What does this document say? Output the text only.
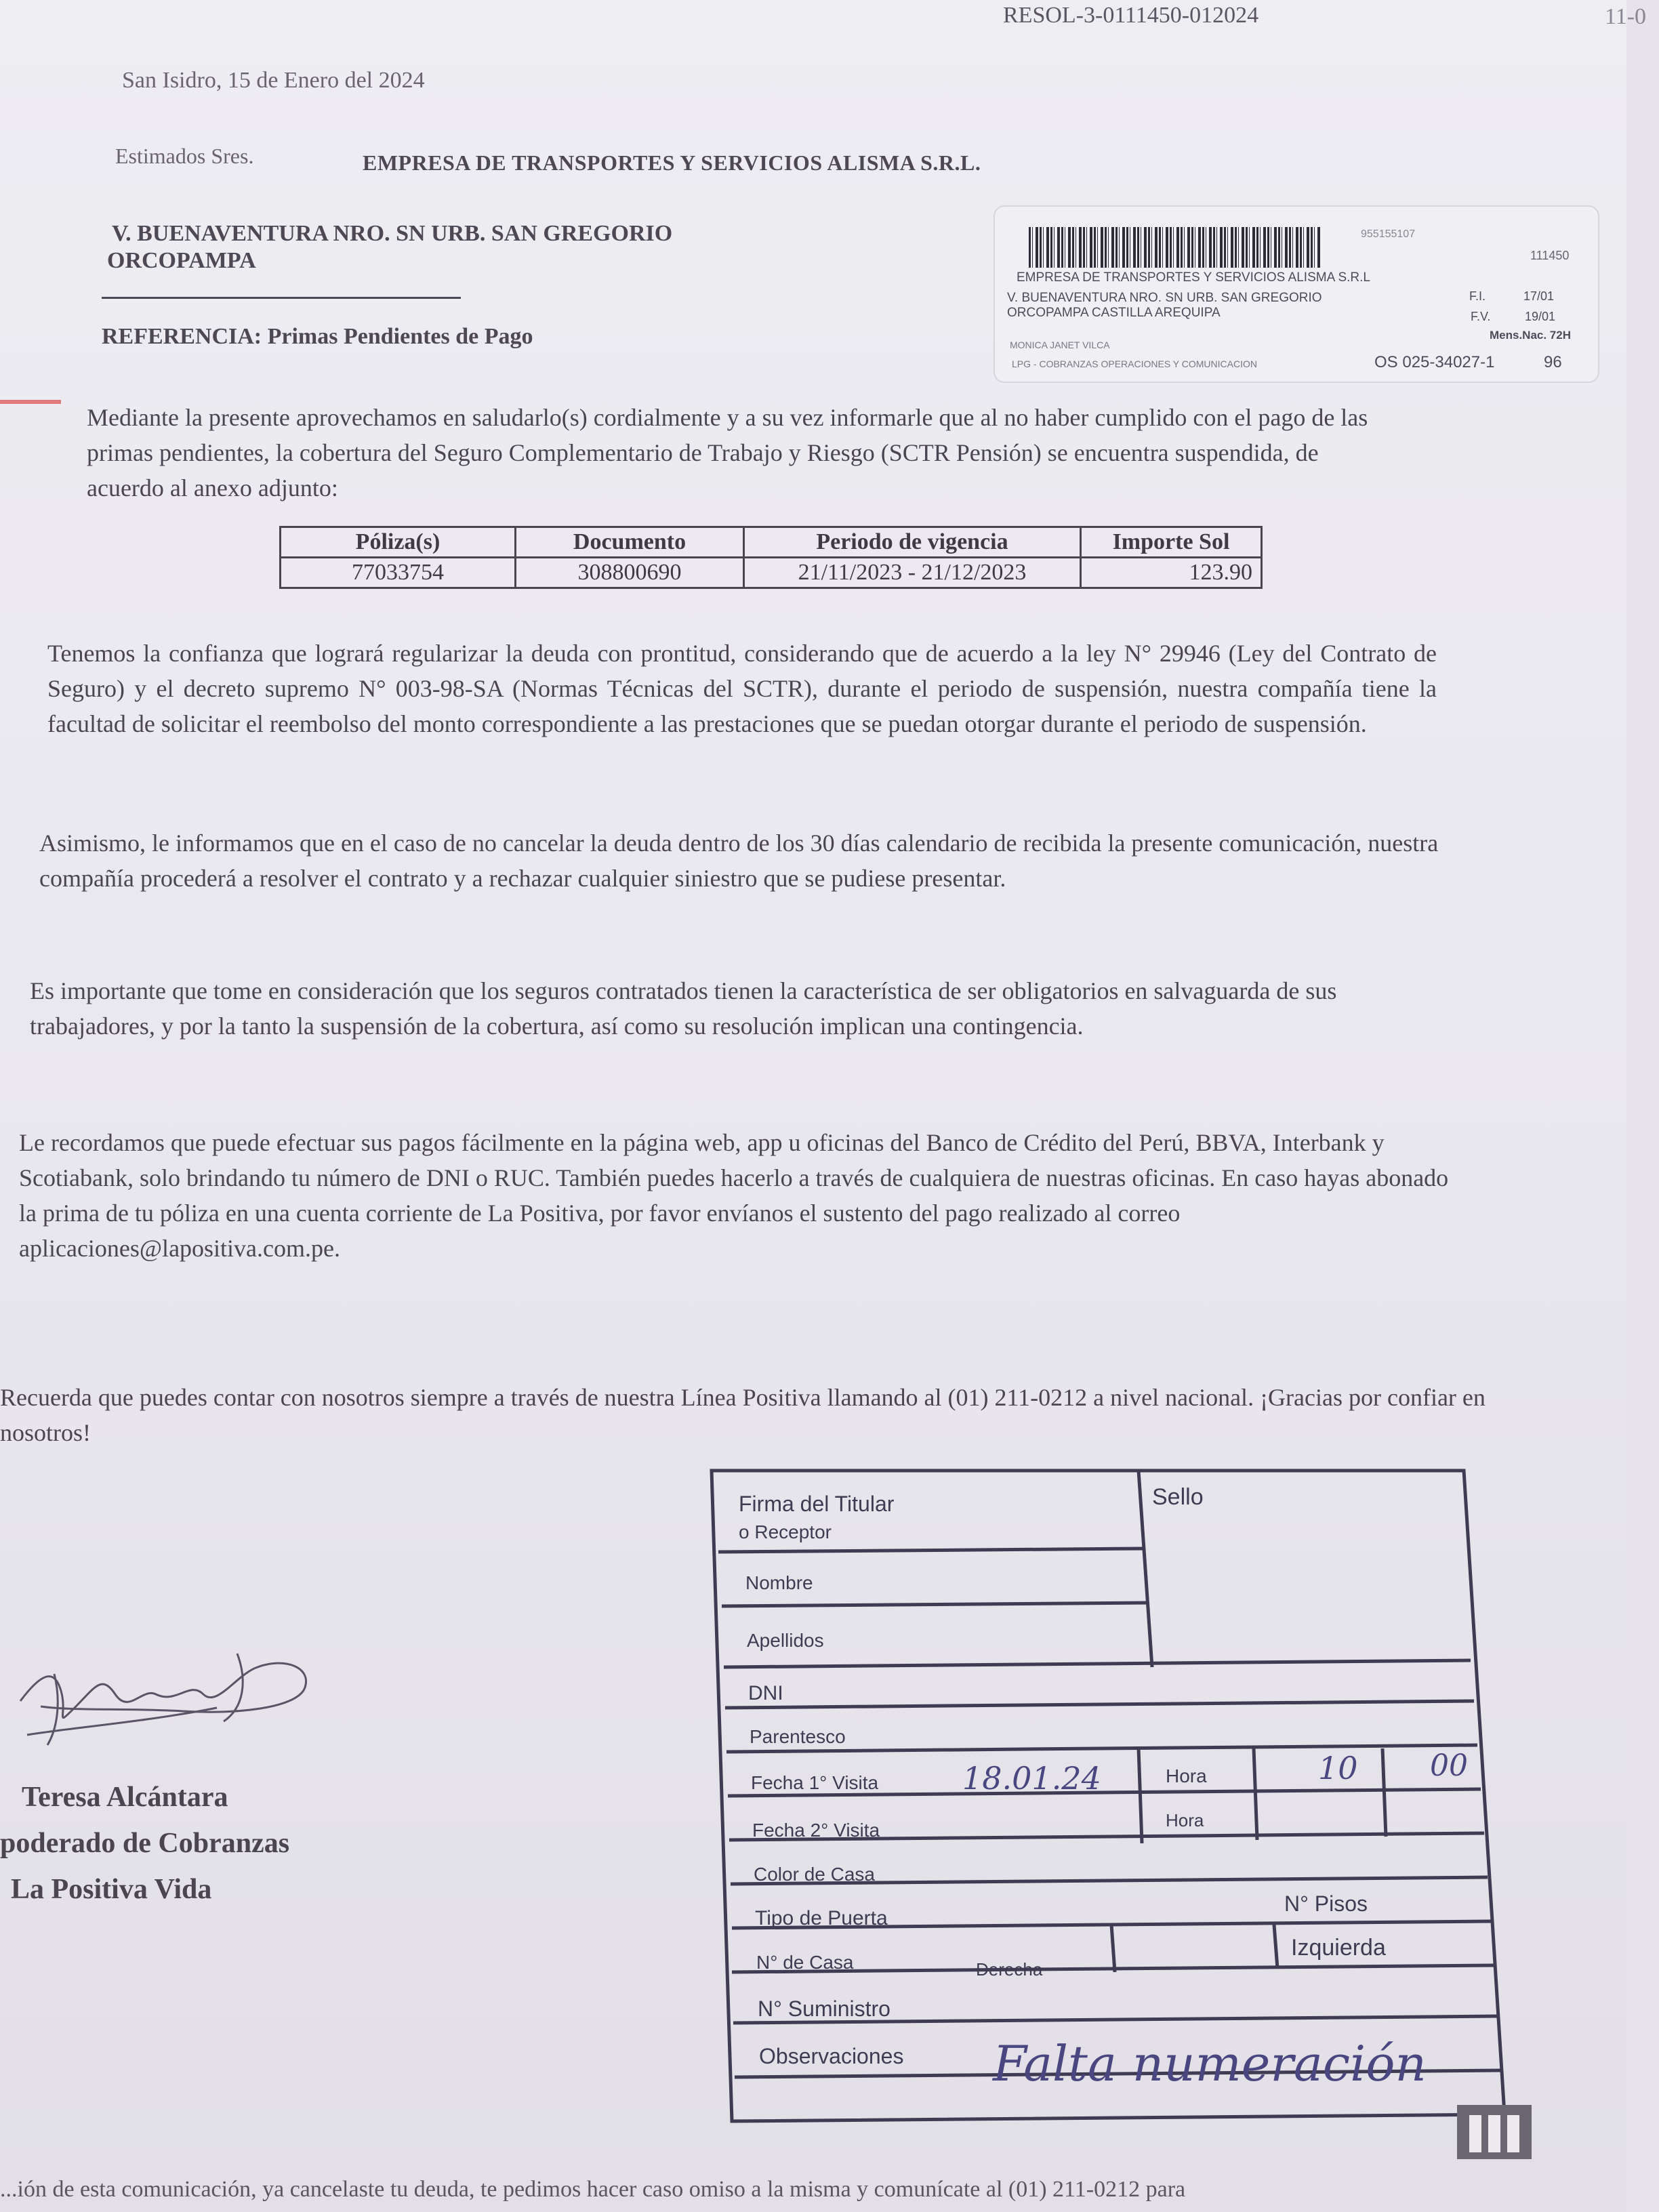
RESOL-3-0111450-012024	11-0
San Isidro, 15 de Enero del 2024
Estimados Sres.	EMPRESA DE TRANSPORTES Y SERVICIOS ALISMA S.R.L.
V. BUENAVENTURA NRO. SN URB. SAN GREGORIO
ORCOPAMPA
REFERENCIA: Primas Pendientes de Pago
955155107
111450
EMPRESA DE TRANSPORTES Y SERVICIOS ALISMA S.R.L
V. BUENAVENTURA NRO. SN URB. SAN GREGORIO
ORCOPAMPA CASTILLA AREQUIPA
F.I.	17/01
F.V.	19/01
Mens.Nac. 72H
MONICA JANET VILCA
LPG - COBRANZAS OPERACIONES Y COMUNICACION	OS 025-34027-1	96
Mediante la presente aprovechamos en saludarlo(s) cordialmente y a su vez informarle que al no haber cumplido con el pago de las primas pendientes, la cobertura del Seguro Complementario de Trabajo y Riesgo (SCTR Pensión) se encuentra suspendida, de acuerdo al anexo adjunto:
Póliza(s)	Documento	Periodo de vigencia	Importe Sol
77033754	308800690	21/11/2023 - 21/12/2023	123.90
Tenemos la confianza que logrará regularizar la deuda con prontitud, considerando que de acuerdo a la ley N° 29946 (Ley del Contrato de Seguro) y el decreto supremo N° 003-98-SA (Normas Técnicas del SCTR), durante el periodo de suspensión, nuestra compañía tiene la facultad de solicitar el reembolso del monto correspondiente a las prestaciones que se puedan otorgar durante el periodo de suspensión.
Asimismo, le informamos que en el caso de no cancelar la deuda dentro de los 30 días calendario de recibida la presente comunicación, nuestra compañía procederá a resolver el contrato y a rechazar cualquier siniestro que se pudiese presentar.
Es importante que tome en consideración que los seguros contratados tienen la característica de ser obligatorios en salvaguarda de sus trabajadores, y por la tanto la suspensión de la cobertura, así como su resolución implican una contingencia.
Le recordamos que puede efectuar sus pagos fácilmente en la página web, app u oficinas del Banco de Crédito del Perú, BBVA, Interbank y Scotiabank, solo brindando tu número de DNI o RUC. También puedes hacerlo a través de cualquiera de nuestras oficinas. En caso hayas abonado la prima de tu póliza en una cuenta corriente de La Positiva, por favor envíanos el sustento del pago realizado al correo aplicaciones@lapositiva.com.pe.
Recuerda que puedes contar con nosotros siempre a través de nuestra Línea Positiva llamando al (01) 211-0212 a nivel nacional. ¡Gracias por confiar en nosotros!
Teresa Alcántara
poderado de Cobranzas
La Positiva Vida
Firma del Titular
o Receptor
Sello
Nombre
Apellidos
DNI
Parentesco
Fecha 1° Visita	18.01.24	Hora	10 00
Fecha 2° Visita	Hora
Color de Casa
Tipo de Puerta
N° Pisos
N° de Casa	Derecha
Izquierda
N° Suministro
Observaciones Falta numeración
...ión de esta comunicación, ya cancelaste tu deuda, te pedimos hacer caso omiso a la misma y comunícate al (01) 211-0212 para
